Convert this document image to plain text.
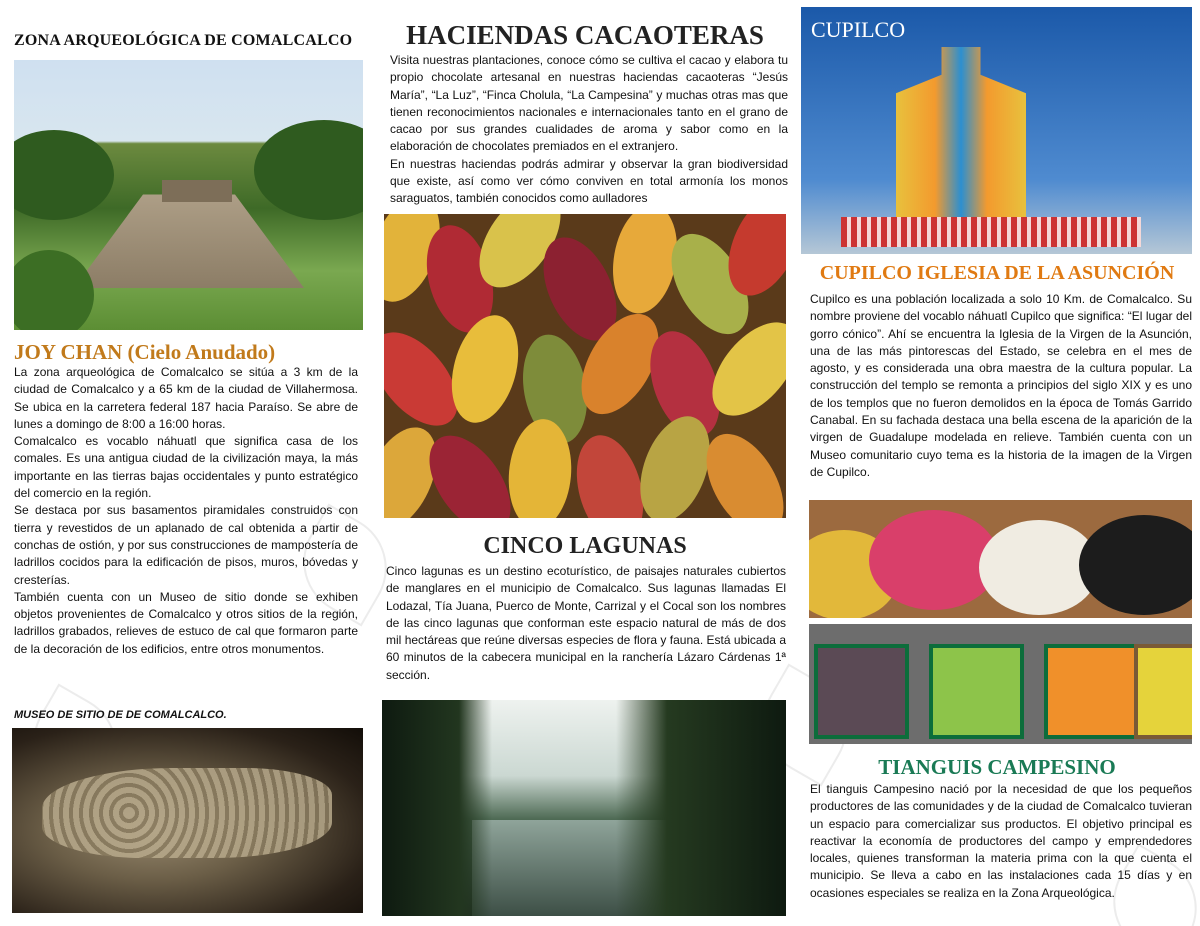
ZONA ARQUEOLÓGICA DE COMALCALCO
JOY CHAN (Cielo Anudado)

La zona arqueológica de Comalcalco se sitúa a 3 km de la ciudad de Comalcalco y a 65 km de la ciudad de Villahermosa. Se ubica en la carretera federal 187 hacia Paraíso. Se abre de lunes a domingo de 8:00 a 16:00 horas.

Comalcalco es vocablo náhuatl que significa casa de los comales. Es una antigua ciudad de la civilización maya, la más importante en las tierras bajas occidentales y punto estratégico del comercio en la región.

Se destaca por sus basamentos piramidales construidos con tierra y revestidos de un aplanado de cal obtenida a partir de conchas de ostión, y por sus construcciones de mampostería de ladrillos cocidos para la edificación de pisos, muros, bóvedas y cresterías.

También cuenta con un Museo de sitio donde se exhiben objetos provenientes de Comalcalco y otros sitios de la región, ladrillos grabados, relieves de estuco de cal que formaron parte de la decoración de los edificios, entre otros monumentos.

MUSEO DE SITIO DE DE COMALCALCO.
HACIENDAS CACAOTERAS

Visita nuestras plantaciones, conoce cómo se cultiva el cacao y elabora tu propio chocolate artesanal en nuestras haciendas cacaoteras “Jesús María”, “La Luz”, “Finca Cholula, “La Campesina” y muchas otras mas que tienen reconocimientos nacionales e internacionales tanto en el grano de cacao por sus grandes cualidades de aroma y sabor como en la elaboración de chocolates premiados en el extranjero.

En nuestras haciendas podrás admirar y observar la gran biodiversidad que existe, así como ver cómo conviven en total armonía los monos saraguatos, también conocidos como aulladores

CINCO LAGUNAS

Cinco lagunas es un destino ecoturístico, de paisajes naturales cubiertos de manglares en el municipio de Comalcalco. Sus lagunas llamadas El Lodazal, Tía Juana, Puerco de Monte, Carrizal y el Cocal son los nombres de las cinco lagunas que conforman este espacio natural de más de dos mil hectáreas que reúne diversas especies de flora y fauna. Está ubicada a 60 minutos de la cabecera municipal en la ranchería Lázaro Cárdenas 1ª sección.

CUPILCO
CUPILCO IGLESIA DE LA ASUNCIÓN

Cupilco es una población localizada a solo 10 Km. de Comalcalco. Su nombre proviene del vocablo náhuatl Cupilco que significa: “El lugar del gorro cónico”. Ahí se encuentra la Iglesia de la Virgen de la Asunción, una de las más pintorescas del Estado, se celebra en el mes de agosto, y es considerada una obra maestra de la cultura popular. La construcción del templo se remonta a principios del siglo XIX y es uno de los templos que no fueron demolidos en la época de Tomás Garrido Canabal. En su fachada destaca una bella escena de la aparición de la virgen de Guadalupe modelada en relieve. También cuenta con un Museo comunitario cuyo tema es la historia de la imagen de la Virgen de Cupilco.

TIANGUIS CAMPESINO

El tianguis Campesino nació por la necesidad de que los pequeños productores de las comunidades y de la ciudad de Comalcalco tuvieran un espacio para comercializar sus productos. El objetivo principal es reactivar la economía de productores del campo y emprendedores locales, quienes transforman la materia prima con la que cuenta el municipio. Se lleva a cabo en las instalaciones cada 15 días y en ocasiones especiales se realiza en la Zona Arqueológica.
